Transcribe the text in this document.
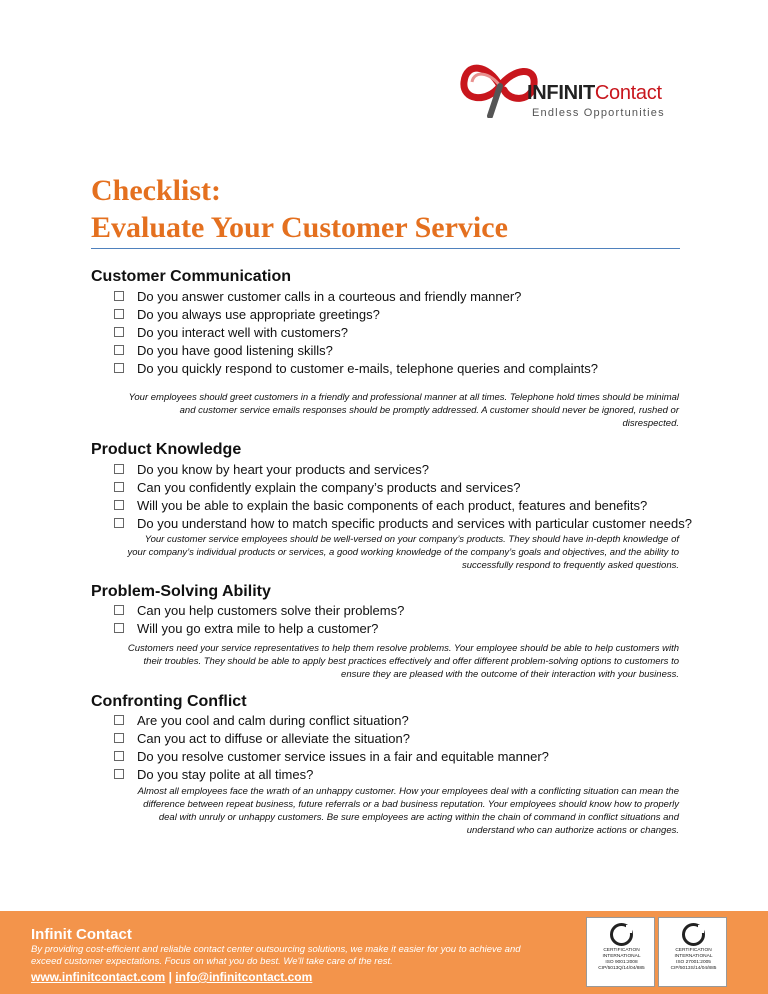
INFINITContact
Endless Opportunities
Checklist:
Evaluate Your Customer Service
Customer Communication
Do you answer customer calls in a courteous and friendly manner?
Do you always use appropriate greetings?
Do you interact well with customers?
Do you have good listening skills?
Do you quickly respond to customer e-mails, telephone queries and complaints?
Your employees should greet customers in a friendly and professional manner at all times. Telephone hold times should be minimal
and customer service emails responses should be promptly addressed. A customer should never be ignored, rushed or
disrespected.
Product Knowledge
Do you know by heart your products and services?
Can you confidently explain the company’s products and services?
Will you be able to explain the basic components of each product, features and benefits?
Do you understand how to match specific products and services with particular customer needs?
Your customer service employees should be well-versed on your company’s products. They should have in-depth knowledge of
your company’s individual products or services, a good working knowledge of the company’s goals and objectives, and the ability to
successfully respond to frequently asked questions.
Problem-Solving Ability
Can you help customers solve their problems?
Will you go extra mile to help a customer?
Customers need your service representatives to help them resolve problems. Your employee should be able to help customers with
their troubles. They should be able to apply best practices effectively and offer different problem-solving options to customers to
ensure they are pleased with the outcome of their interaction with your business.
Confronting Conflict
Are you cool and calm during conflict situation?
Can you act to diffuse or alleviate the situation?
Do you resolve customer service issues in a fair and equitable manner?
Do you stay polite at all times?
Almost all employees face the wrath of an unhappy customer. How your employees deal with a conflicting situation can mean the
difference between repeat business, future referrals or a bad business reputation. Your employees should know how to properly
deal with unruly or unhappy customers. Be sure employees are acting within the chain of command in conflict situations and
understand who can authorize actions or changes.
Infinit Contact
By providing cost-efficient and reliable contact center outsourcing solutions, we make it easier for you to achieve and
exceed customer expectations. Focus on what you do best. We'll take care of the rest.
www.infinitcontact.com | info@infinitcontact.com
CERTIFICATION
INTERNATIONAL
ISO 9001:2008
CIP/5013Q/14/04/885
CERTIFICATION
INTERNATIONAL
ISO 27001:2005
CIP/5013S/14/04/885
